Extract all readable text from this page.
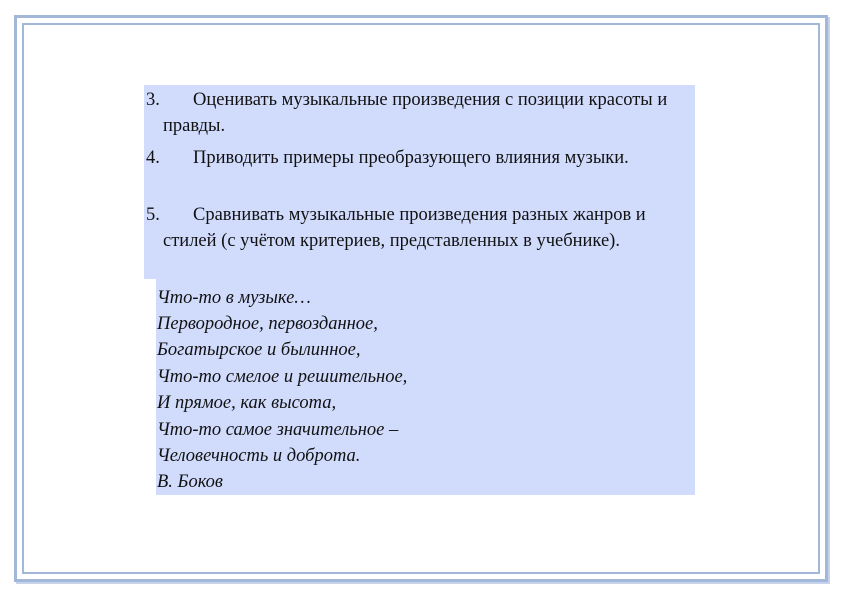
3.	Оценивать музыкальные произведения с позиции красоты и правды.
4.	Приводить примеры преобразующего влияния музыки.
5.	Сравнивать музыкальные произведения разных жанров и стилей (с учётом критериев, представленных в учебнике).
Что-то в музыке…
Первородное, первозданное,
Богатырское и былинное,
Что-то смелое и решительное,
И прямое, как высота,
Что-то самое значительное –
Человечность и доброта.
В. Боков
